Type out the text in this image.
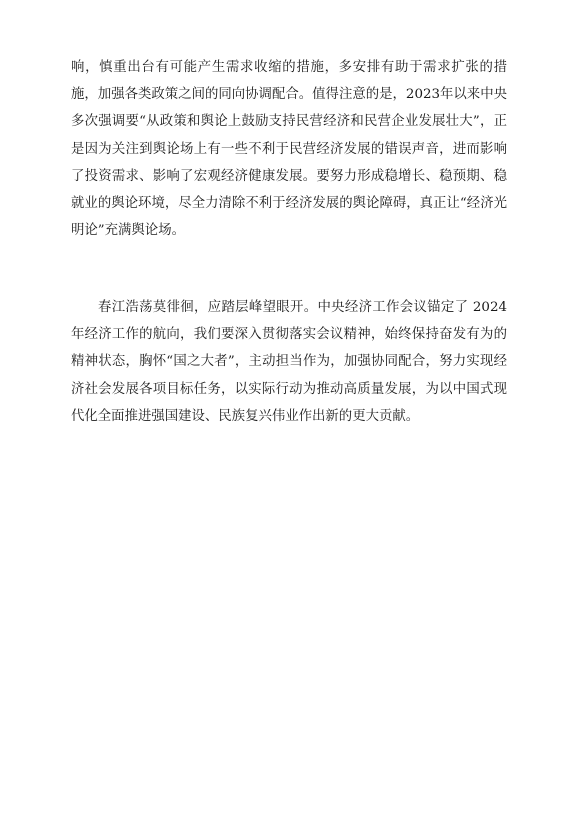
响，慎重出台有可能产生需求收缩的措施，多安排有助于需求扩张的措施，加强各类政策之间的同向协调配合。值得注意的是，2023年以来中央多次强调要“从政策和舆论上鼓励支持民营经济和民营企业发展壮大”，正是因为关注到舆论场上有一些不利于民营经济发展的错误声音，进而影响了投资需求、影响了宏观经济健康发展。要努力形成稳增长、稳预期、稳就业的舆论环境，尽全力清除不利于经济发展的舆论障碍，真正让“经济光明论”充满舆论场。

春江浩荡莫徘徊，应踏层峰望眼开。中央经济工作会议锚定了 2024 年经济工作的航向，我们要深入贯彻落实会议精神，始终保持奋发有为的精神状态，胸怀“国之大者”，主动担当作为，加强协同配合，努力实现经济社会发展各项目标任务，以实际行动为推动高质量发展，为以中国式现代化全面推进强国建设、民族复兴伟业作出新的更大贡献。
